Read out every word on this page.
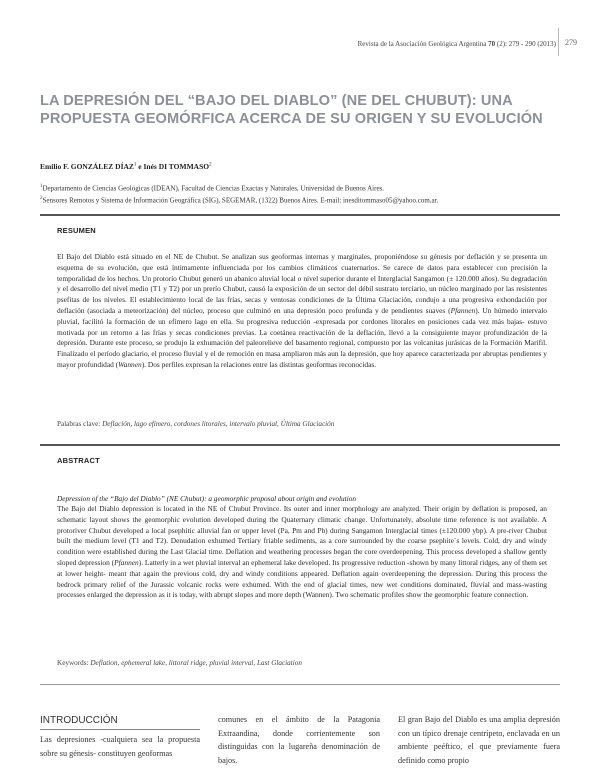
Revista de la Asociación Geológica Argentina 70 (2): 279 - 290 (2013) 279
LA DEPRESIÓN DEL “BAJO DEL DIABLO” (NE DEL CHUBUT): UNA PROPUESTA GEOMÓRFICA ACERCA DE SU ORIGEN Y SU EVOLUCIÓN
Emilio F. GONZÁLEZ DÍAZ$^1$ e Inés DI TOMMASO$^2$
$^1$Departamento de Ciencias Geológicas (IDEAN), Facultad de Ciencias Exactas y Naturales, Universidad de Buenos Aires.
$^2$Sensores Remotos y Sistema de Información Geográfica (SIG), SEGEMAR, (1322) Buenos Aires. E-mail: inesditommaso05@yahoo.com.ar.
RESUMEN

El Bajo del Diablo está situado en el NE de Chubut. Se analizan sus geoformas internas y marginales, proponiéndose su génesis por deflación y se presenta un esquema de su evolución, que está íntimamente influenciada por los cambios climáticos cuaternarios. Se carece de datos para establecer con precisión la temporalidad de los hechos. Un protorío Chubut generó un abanico aluvial local o nivel superior durante el Interglacial Sangamon (± 120.000 años). Su degradación y el desarrollo del nivel medio (T1 y T2) por un prerío Chubut, causó la exposición de un sector del débil sustrato terciario, un núcleo marginado por las resistentes psefitas de los niveles. El establecimiento local de las frías, secas y ventosas condiciones de la Última Glaciación, condujo a una progresiva exhondación por deflación (asociada a meteorización) del núcleo, proceso que culminó en una depresión poco profunda y de pendientes suaves (Pfannen). Un húmedo intervalo pluvial, facilitó la formación de un efímero lago en ella. Su progresiva reducción -expresada por cordones litorales en posiciones cada vez más bajas- estuvo motivada por un retorno a las frías y secas condiciones previas. La coetánea reactivación de la deflación, llevó a la consiguiente mayor profundización de la depresión. Durante este proceso, se produjo la exhumación del paleorelieve del basamento regional, compuesto por las volcanitas jurásicas de la Formación Marifil. Finalizado el período glaciario, el proceso fluvial y el de remoción en masa ampliaron más aun la depresión, que hoy aparece caracterizada por abruptas pendientes y mayor profundidad (Wannen). Dos perfiles expresan la relaciones entre las distintas geoformas reconocidas.

Palabras clave: Deflación, lago efímero, cordones litorales, intervalo pluvial, Última Glaciación
ABSTRACT
Depression of the “Bajo del Diablo” (NE Chubut): a geomorphic proposal about origin and evolution

The Bajo del Diablo depression is located in the NE of Chubut Province. Its outer and inner morphology are analyzed. Their origin by deflation is proposed, an schematic layout shows the geomorphic evolution developed during the Quaternary climatic change. Unfortunately, absolute time reference is not available. A protoriver Chubut developed a local psephitic alluvial fan or upper level (Pa, Pm and Pb) during Sangamon Interglacial times (±120.000 ybp). A pre-river Chubut built the medium level (T1 and T2). Denudation exhumed Tertiary friable sediments, as a core surrounded by the coarse psephite´s levels. Cold, dry and windy condition were established during the Last Glacial time. Deflation and weathering processes began the core overdeepening. This process developed a shallow gently sloped depression (Pfannen). Latterly in a wet pluvial interval an ephemeral lake developed. Its progressive reduction -shown by many littoral ridges, any of them set at lower height- meant that again the previous cold, dry and windy conditions appeared. Deflation again overdeepening the depression. During this process the bedrock primary relief of the Jurassic volcanic rocks were exhumed. With the end of glacial times, new wet conditions dominated, fluvial and mass-wasting processes enlarged the depression as it is today, with abrupt slopes and more depth (Wannen). Two schematic profiles show the geomorphic feature connection.

Keywords: Deflation, ephemeral lake, littoral ridge, pluvial interval, Last Glaciation
INTRODUCCIÓN

Las depresiones -cualquiera sea la propuesta sobre su génesis- constituyen geoformas

comunes en el ámbito de la Patagonia Extraandina, donde corrientemente son distinguidas con la lugareña denominación de bajos.

El gran Bajo del Diablo es una amplia depresión con un típico drenaje centrípeto, enclavada en un ambiente peéftico, el que previamente fuera definido como propio
